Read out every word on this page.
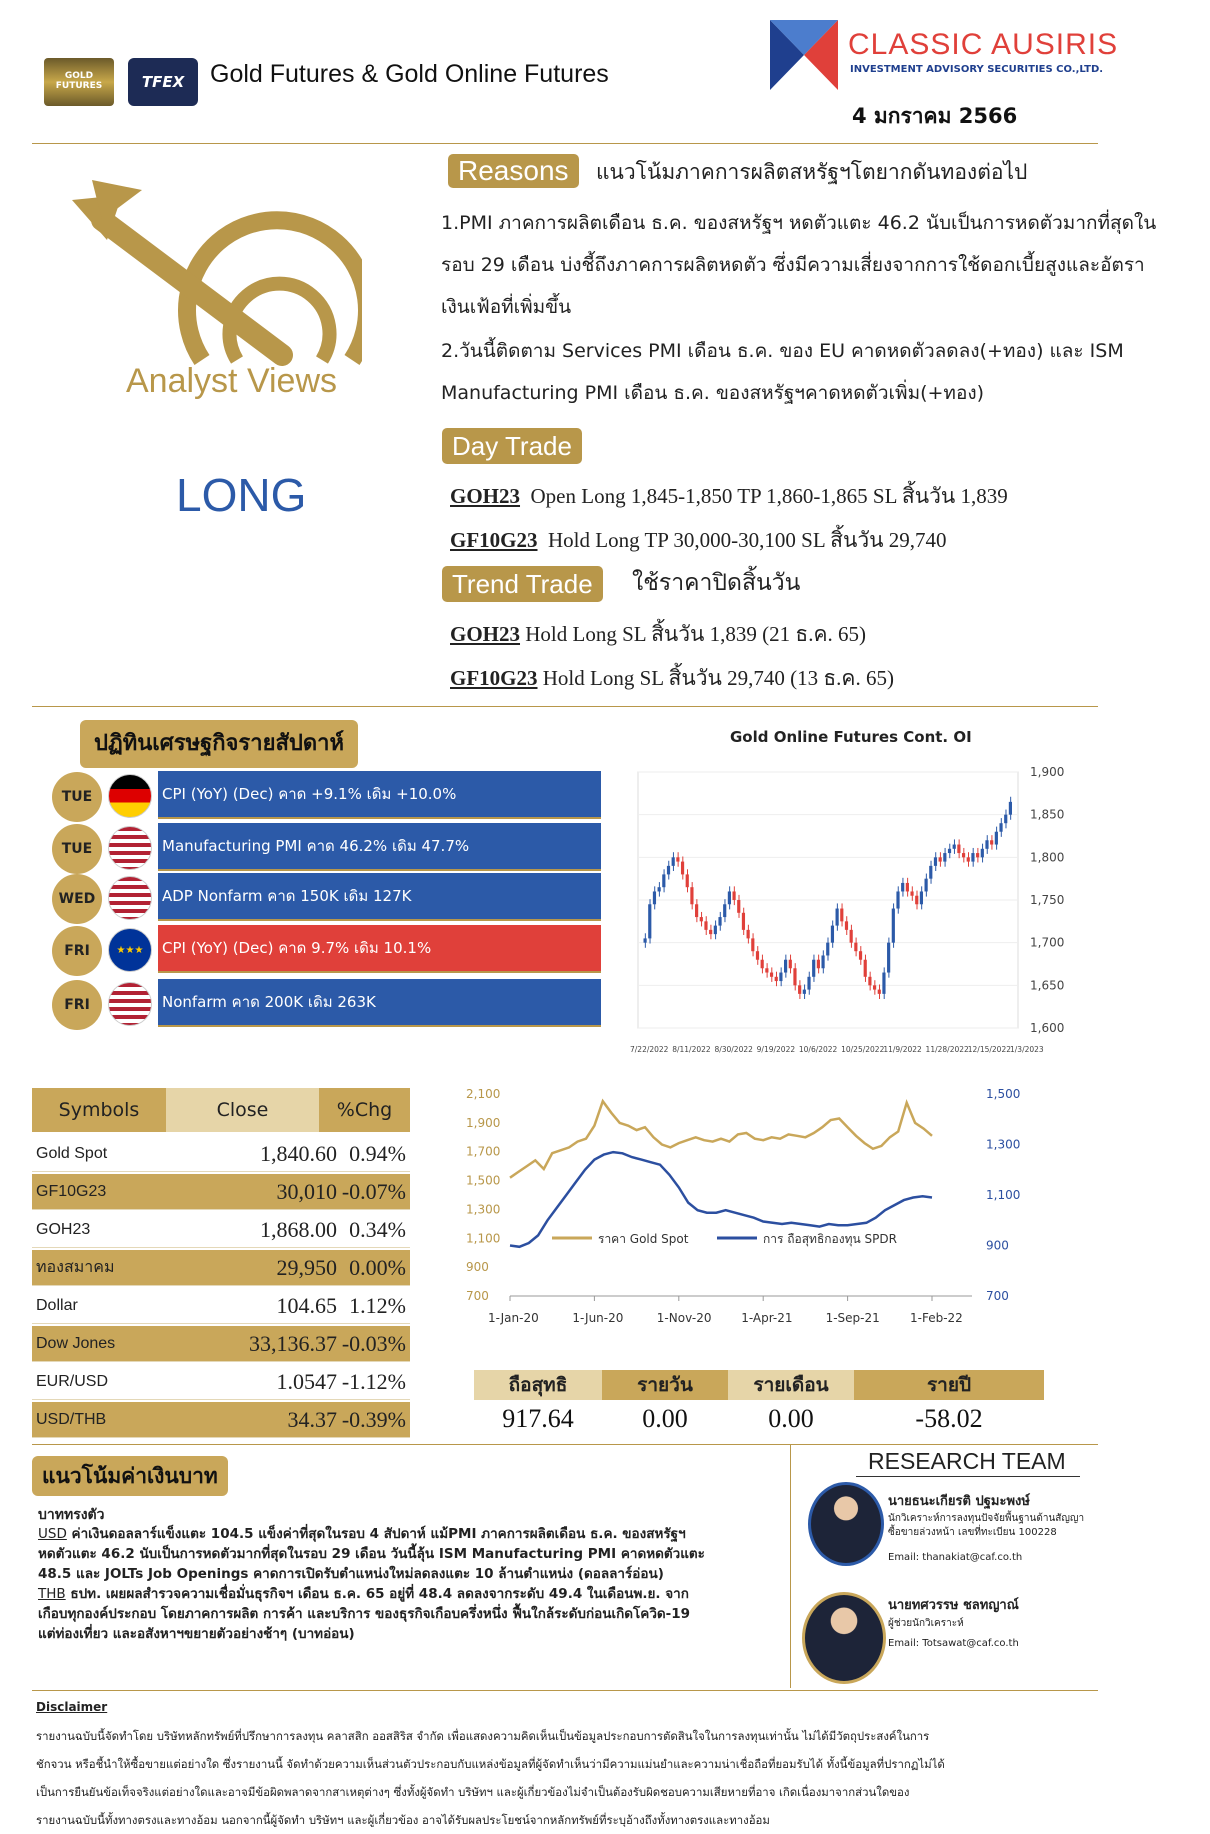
GOLD FUTURES	TFEX	Gold Futures & Gold Online Futures
CLASSIC AUSIRIS
INVESTMENT ADVISORY SECURITIES CO.,LTD.
4 มกราคม 2566
Analyst Views
LONG
Reasons	แนวโน้มภาคการผลิตสหรัฐฯโตยากดันทองต่อไป
1.PMI ภาคการผลิตเดือน ธ.ค. ของสหรัฐฯ หดตัวแตะ 46.2 นับเป็นการหดตัวมากที่สุดใน
รอบ 29 เดือน บ่งชี้ถึงภาคการผลิตหดตัว ซึ่งมีความเสี่ยงจากการใช้ดอกเบี้ยสูงและอัตรา
เงินเฟ้อที่เพิ่มขึ้น
2.วันนี้ติดตาม Services PMI เดือน ธ.ค. ของ EU คาดหดตัวลดลง(+ทอง) และ ISM
Manufacturing PMI เดือน ธ.ค. ของสหรัฐฯคาดหดตัวเพิ่ม(+ทอง)
Day Trade
GOH23 Open Long 1,845-1,850 TP 1,860-1,865 SL สิ้นวัน 1,839
GF10G23 Hold Long TP 30,000-30,100 SL สิ้นวัน 29,740
Trend Trade	ใช้ราคาปิดสิ้นวัน
GOH23 Hold Long SL สิ้นวัน 1,839 (21 ธ.ค. 65)
GF10G23 Hold Long SL สิ้นวัน 29,740 (13 ธ.ค. 65)
ปฏิทินเศรษฐกิจรายสัปดาห์
TUE	CPI (YoY) (Dec) คาด +9.1% เดิม +10.0%
TUE	Manufacturing PMI คาด 46.2% เดิม 47.7%
WED	ADP Nonfarm คาด 150K เดิม 127K
FRI	★★★	CPI (YoY) (Dec) คาด 9.7% เดิม 10.1%
FRI	Nonfarm คาด 200K เดิม 263K
Gold Online Futures Cont. OI
1,900
1,850
1,800
1,750
1,700
1,650
1,600
7/22/2022 8/11/2022 8/30/2022 9/19/2022 10/6/2022 10/25/2022
11/9/2022 11/28/2022
12/15/2022
1/3/2023
Symbols	Close	%Chg
Gold Spot	1,840.60 0.94%
GF10G23	30,010 -0.07%
GOH23	1,868.00 0.34%
ทองสมาคม	29,950 0.00%
Dollar	104.65 1.12%
Dow Jones	33,136.37 -0.03%
EUR/USD	1.0547 -1.12%
USD/THB	34.37 -0.39%
2,100
1,900
1,700
1,500
1,300
1,100
900
700
1,500
1,300
1,100
900
700
1-Jan-20	1-Jun-20	1-Nov-20 1-Apr-21	1-Sep-21	1-Feb-22
ราคา Gold Spot	การ ถือสุทธิกองทุน SPDR
ถือสุทธิ	รายวัน	รายเดือน	รายปี
917.64	0.00	0.00	-58.02
แนวโน้มค่าเงินบาท
บาททรงตัว
USD ค่าเงินดอลลาร์แข็งแตะ 104.5 แข็งค่าที่สุดในรอบ 4 สัปดาห์ แม้PMI ภาคการผลิตเดือน ธ.ค. ของสหรัฐฯ
หดตัวแตะ 46.2 นับเป็นการหดตัวมากที่สุดในรอบ 29 เดือน วันนี้ลุ้น ISM Manufacturing PMI คาดหดตัวแตะ
48.5 และ JOLTs Job Openings คาดการเปิดรับตำแหน่งใหม่ลดลงแตะ 10 ล้านตำแหน่ง (ดอลลาร์อ่อน)
THB ธปท. เผยผลสำรวจความเชื่อมั่นธุรกิจฯ เดือน ธ.ค. 65 อยู่ที่ 48.4 ลดลงจากระดับ 49.4 ในเดือนพ.ย. จาก
เกือบทุกองค์ประกอบ โดยภาคการผลิต การค้า และบริการ ของธุรกิจเกือบครึ่งหนึ่ง ฟื้นใกล้ระดับก่อนเกิดโควิด-19
แต่ท่องเที่ยว และอสังหาฯขยายตัวอย่างช้าๆ (บาทอ่อน)
RESEARCH TEAM
นายธนะเกียรติ ปฐมะพงษ์
นักวิเคราะห์การลงทุนปัจจัยพื้นฐานด้านสัญญาซื้อขายล่วงหน้า เลขที่ทะเบียน 100228
Email: thanakiat@caf.co.th
นายทศวรรษ ชลทญาณ์
ผู้ช่วยนักวิเคราะห์
Email: Totsawat@caf.co.th
Disclaimer
รายงานฉบับนี้จัดทำโดย บริษัทหลักทรัพย์ที่ปรึกษาการลงทุน คลาสสิก ออสสิริส จำกัด เพื่อแสดงความคิดเห็นเป็นข้อมูลประกอบการตัดสินใจในการลงทุนเท่านั้น ไม่ได้มีวัตถุประสงค์ในการ
ชักจวน หรือชี้นำให้ซื้อขายแต่อย่างใด ซึ่งรายงานนี้ จัดทำด้วยความเห็นส่วนตัวประกอบกับแหล่งข้อมูลที่ผู้จัดทำเห็นว่ามีความแม่นยำและความน่าเชื่อถือที่ยอมรับได้ ทั้งนี้ข้อมูลที่ปรากฏไม่ได้
เป็นการยืนยันข้อเท็จจริงแต่อย่างใดและอาจมีข้อผิดพลาดจากสาเหตุต่างๆ ซึ่งทั้งผู้จัดทำ บริษัทฯ และผู้เกี่ยวข้องไม่จำเป็นต้องรับผิดชอบความเสียหายที่อาจ เกิดเนื่องมาจากส่วนใดของ
รายงานฉบับนี้ทั้งทางตรงและทางอ้อม นอกจากนี้ผู้จัดทำ บริษัทฯ และผู้เกี่ยวข้อง อาจได้รับผลประโยชน์จากหลักทรัพย์ที่ระบุอ้างถึงทั้งทางตรงและทางอ้อม
